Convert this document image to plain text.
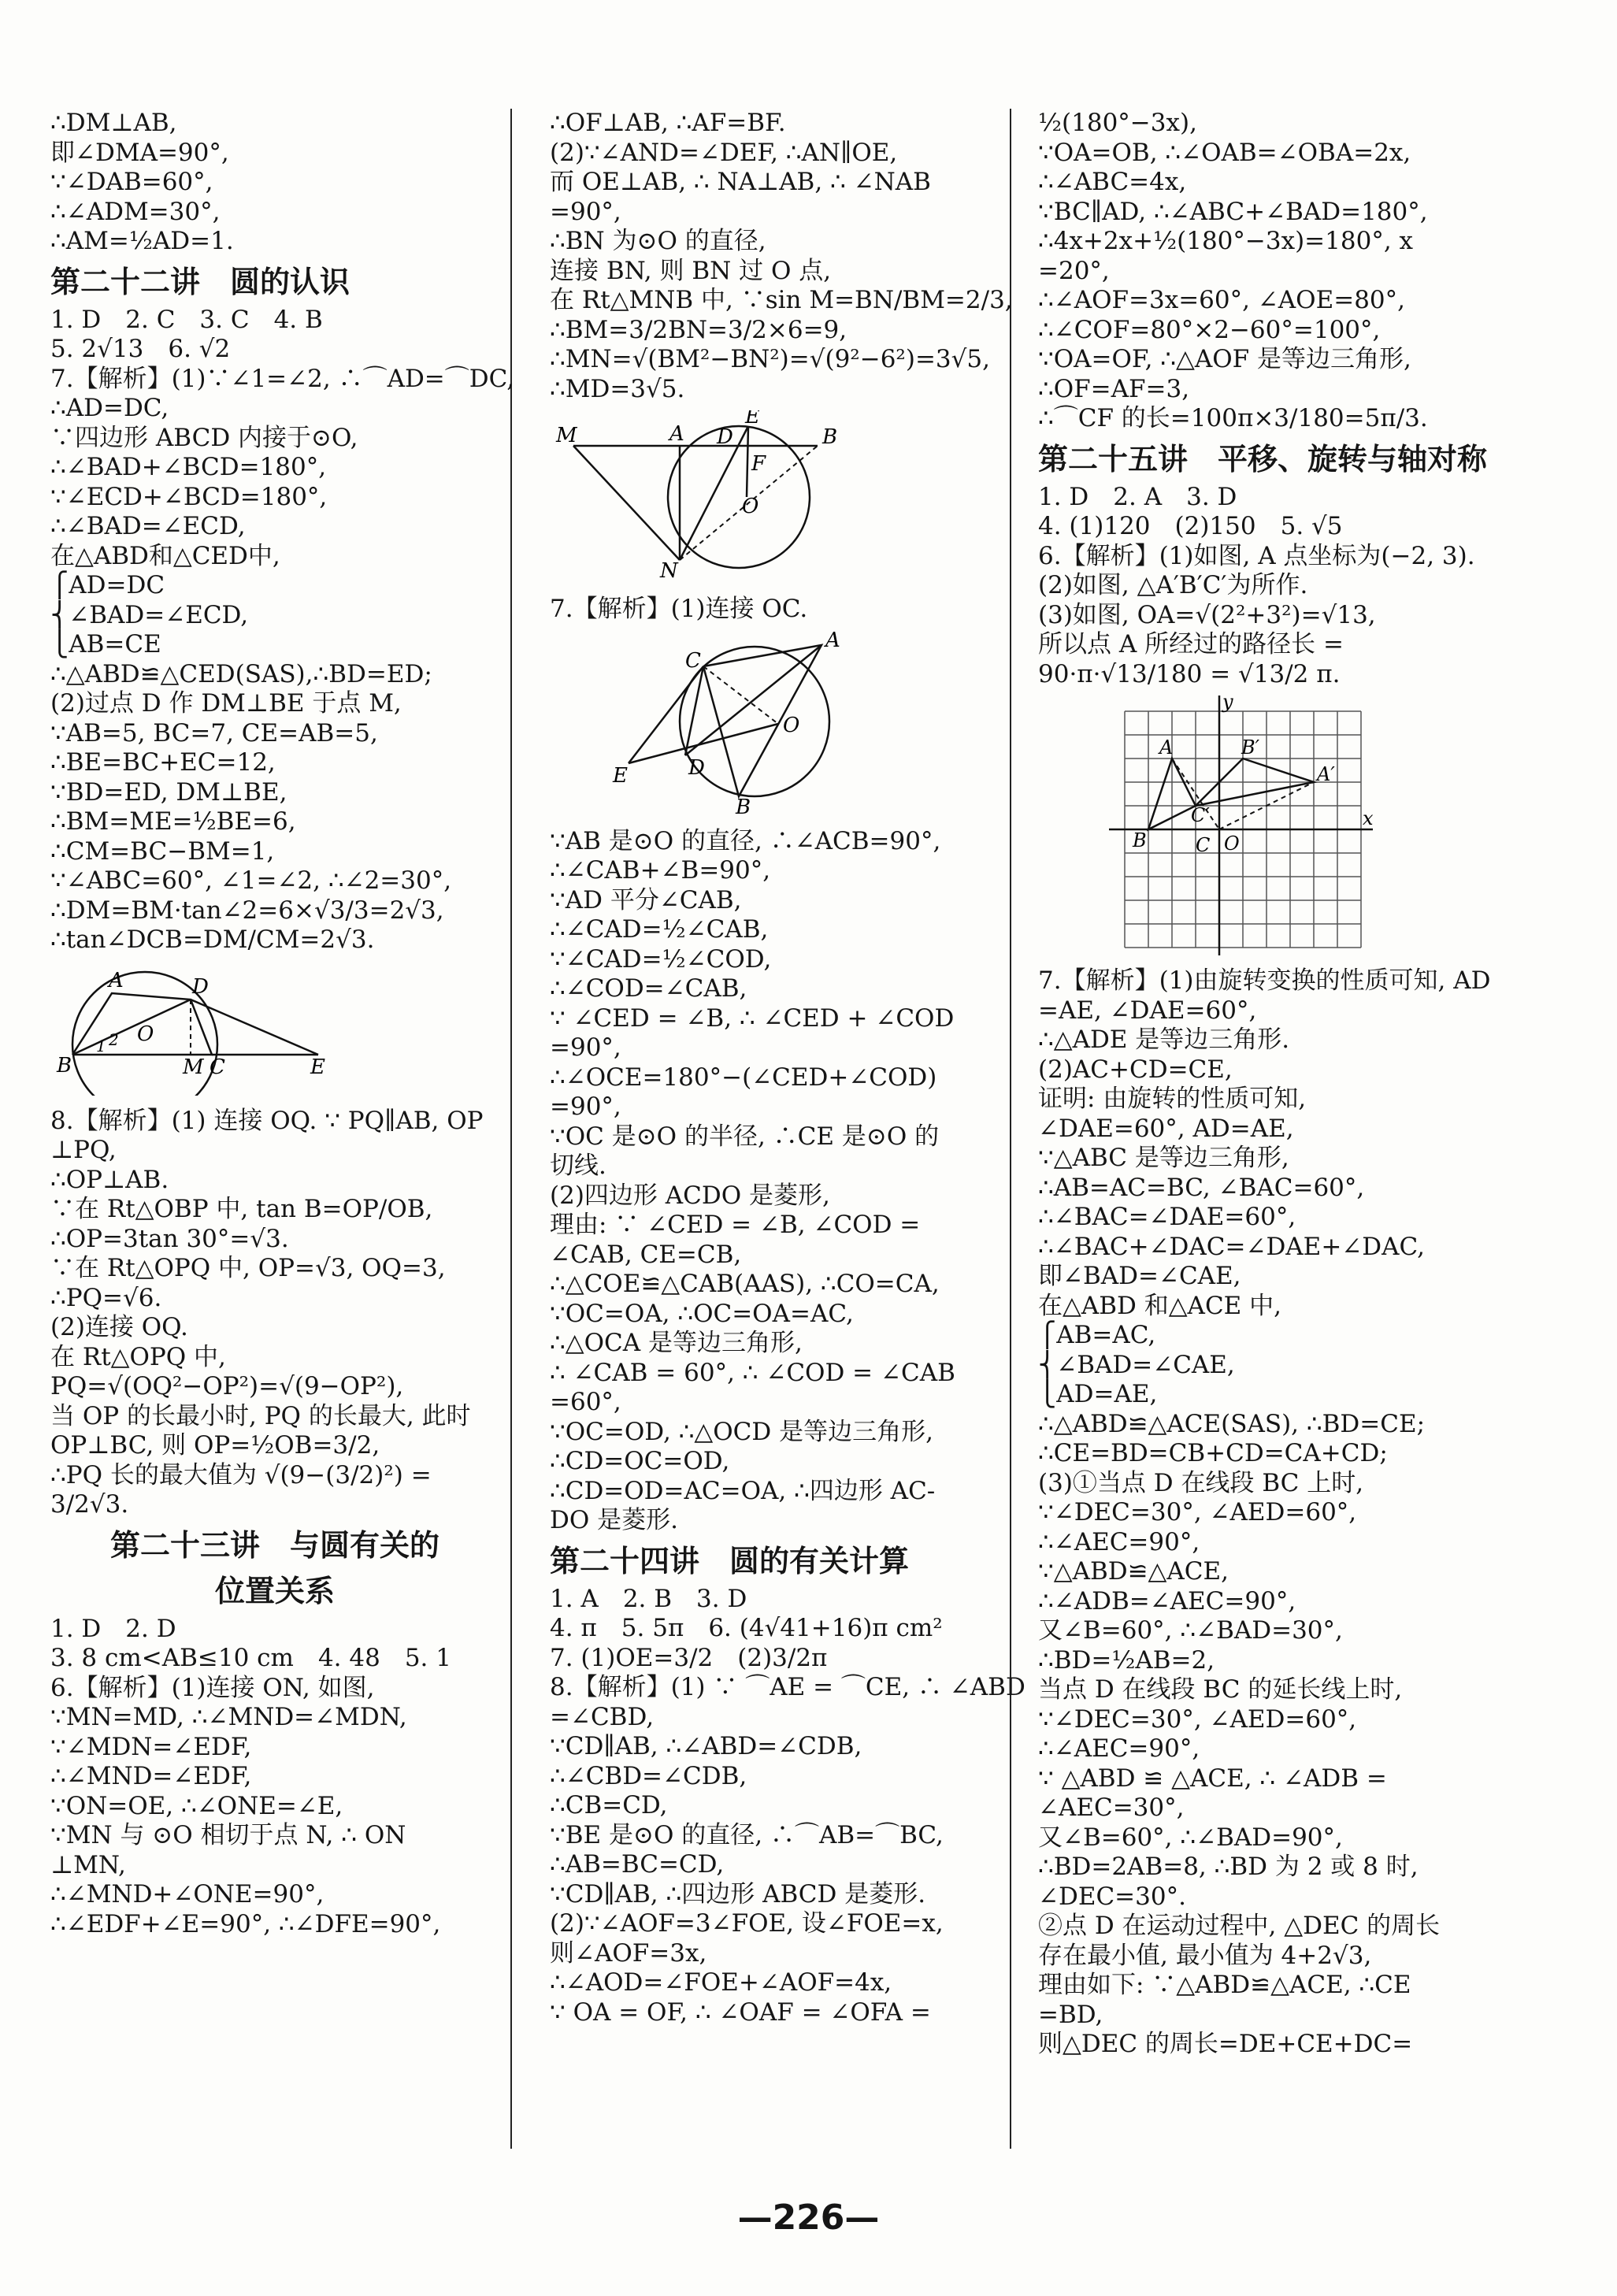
∴DM⊥AB,
即∠DMA=90°,
∵∠DAB=60°,
∴∠ADM=30°,
∴AM=½AD=1.
第二十二讲　圆的认识
1. D　2. C　3. C　4. B
5. 2√13　6. √2
7.【解析】(1)∵∠1=∠2, ∴⌒AD=⌒DC,
∴AD=DC,
∵四边形 ABCD 内接于⊙O,
∴∠BAD+∠BCD=180°,
∵∠ECD+∠BCD=180°,
∴∠BAD=∠ECD,
在△ABD和△CED中,
⎧AD=DC
⎨∠BAD=∠ECD,
⎩AB=CE
∴△ABD≌△CED(SAS),∴BD=ED;
(2)过点 D 作 DM⊥BE 于点 M,
∵AB=5, BC=7, CE=AB=5,
∴BE=BC+EC=12,
∵BD=ED, DM⊥BE,
∴BM=ME=½BE=6,
∴CM=BC−BM=1,
∵∠ABC=60°, ∠1=∠2, ∴∠2=30°,
∴DM=BM·tan∠2=6×√3/3=2√3,
∴tan∠DCB=DM/CM=2√3.
A
B	C
D
E
M
O
1 2
8.【解析】(1) 连接 OQ. ∵ PQ∥AB, OP
⊥PQ,
∴OP⊥AB.
∵在 Rt△OBP 中, tan B=OP/OB,
∴OP=3tan 30°=√3.
∵在 Rt△OPQ 中, OP=√3, OQ=3,
∴PQ=√6.
(2)连接 OQ.
在 Rt△OPQ 中,
PQ=√(OQ²−OP²)=√(9−OP²),
当 OP 的长最小时, PQ 的长最大, 此时
OP⊥BC, 则 OP=½OB=3/2,
∴PQ 长的最大值为 √(9−(3/2)²) =
3/2√3.
第二十三讲　与圆有关的
位置关系
1. D　2. D
3. 8 cm<AB≤10 cm　4. 48　5. 1
6.【解析】(1)连接 ON, 如图,
∵MN=MD, ∴∠MND=∠MDN,
∵∠MDN=∠EDF,
∴∠MND=∠EDF,
∵ON=OE, ∴∠ONE=∠E,
∵MN 与 ⊙O 相切于点 N, ∴ ON
⊥MN,
∴∠MND+∠ONE=90°,
∴∠EDF+∠E=90°, ∴∠DFE=90°,
∴OF⊥AB, ∴AF=BF.
(2)∵∠AND=∠DEF, ∴AN∥OE,
而 OE⊥AB, ∴ NA⊥AB, ∴ ∠NAB
=90°,
∴BN 为⊙O 的直径,
连接 BN, 则 BN 过 O 点,
在 Rt△MNB 中, ∵sin M=BN/BM=2/3,
∴BM=3/2BN=3/2×6=9,
∴MN=√(BM²−BN²)=√(9²−6²)=3√5,
∴MD=3√5.
M	A D
E
B
F
O
N
7.【解析】(1)连接 OC.
C
A
O
E	D
B
∵AB 是⊙O 的直径, ∴∠ACB=90°,
∴∠CAB+∠B=90°,
∵AD 平分∠CAB,
∴∠CAD=½∠CAB,
∵∠CAD=½∠COD,
∴∠COD=∠CAB,
∵ ∠CED = ∠B, ∴ ∠CED + ∠COD
=90°,
∴∠OCE=180°−(∠CED+∠COD)
=90°,
∵OC 是⊙O 的半径, ∴CE 是⊙O 的
切线.
(2)四边形 ACDO 是菱形,
理由: ∵ ∠CED = ∠B, ∠COD =
∠CAB, CE=CB,
∴△COE≌△CAB(AAS), ∴CO=CA,
∵OC=OA, ∴OC=OA=AC,
∴△OCA 是等边三角形,
∴ ∠CAB = 60°, ∴ ∠COD = ∠CAB
=60°,
∵OC=OD, ∴△OCD 是等边三角形,
∴CD=OC=OD,
∴CD=OD=AC=OA, ∴四边形 AC-
DO 是菱形.
第二十四讲　圆的有关计算
1. A　2. B　3. D
4. π　5. 5π　6. (4√41+16)π cm²
7. (1)OE=3/2　(2)3/2π
8.【解析】(1) ∵ ⌒AE = ⌒CE, ∴ ∠ABD
=∠CBD,
∵CD∥AB, ∴∠ABD=∠CDB,
∴∠CBD=∠CDB,
∴CB=CD,
∵BE 是⊙O 的直径, ∴⌒AB=⌒BC,
∴AB=BC=CD,
∵CD∥AB, ∴四边形 ABCD 是菱形.
(2)∵∠AOF=3∠FOE, 设∠FOE=x,
则∠AOF=3x,
∴∠AOD=∠FOE+∠AOF=4x,
∵ OA = OF, ∴ ∠OAF = ∠OFA =
½(180°−3x),
∵OA=OB, ∴∠OAB=∠OBA=2x,
∴∠ABC=4x,
∵BC∥AD, ∴∠ABC+∠BAD=180°,
∴4x+2x+½(180°−3x)=180°, x
=20°,
∴∠AOF=3x=60°, ∠AOE=80°,
∴∠COF=80°×2−60°=100°,
∵OA=OF, ∴△AOF 是等边三角形,
∴OF=AF=3,
∴⌒CF 的长=100π×3/180=5π/3.
第二十五讲　平移、旋转与轴对称
1. D　2. A　3. D
4. (1)120　(2)150　5. √5
6.【解析】(1)如图, A 点坐标为(−2, 3).
(2)如图, △A′B′C′为所作.
(3)如图, OA=√(2²+3²)=√13,
所以点 A 所经过的路径长 =
90·π·√13/180 = √13/2 π.
y
x
A
B
B′
A′
C′
C O
7.【解析】(1)由旋转变换的性质可知, AD
=AE, ∠DAE=60°,
∴△ADE 是等边三角形.
(2)AC+CD=CE,
证明: 由旋转的性质可知,
∠DAE=60°, AD=AE,
∵△ABC 是等边三角形,
∴AB=AC=BC, ∠BAC=60°,
∴∠BAC=∠DAE=60°,
∴∠BAC+∠DAC=∠DAE+∠DAC,
即∠BAD=∠CAE,
在△ABD 和△ACE 中,
⎧AB=AC,
⎨∠BAD=∠CAE,
⎩AD=AE,
∴△ABD≌△ACE(SAS), ∴BD=CE;
∴CE=BD=CB+CD=CA+CD;
(3)①当点 D 在线段 BC 上时,
∵∠DEC=30°, ∠AED=60°,
∴∠AEC=90°,
∵△ABD≌△ACE,
∴∠ADB=∠AEC=90°,
又∠B=60°, ∴∠BAD=30°,
∴BD=½AB=2,
当点 D 在线段 BC 的延长线上时,
∵∠DEC=30°, ∠AED=60°,
∴∠AEC=90°,
∵ △ABD ≌ △ACE, ∴ ∠ADB =
∠AEC=30°,
又∠B=60°, ∴∠BAD=90°,
∴BD=2AB=8, ∴BD 为 2 或 8 时,
∠DEC=30°.
②点 D 在运动过程中, △DEC 的周长
存在最小值, 最小值为 4+2√3,
理由如下: ∵△ABD≌△ACE, ∴CE
=BD,
则△DEC 的周长=DE+CE+DC=
—226—
